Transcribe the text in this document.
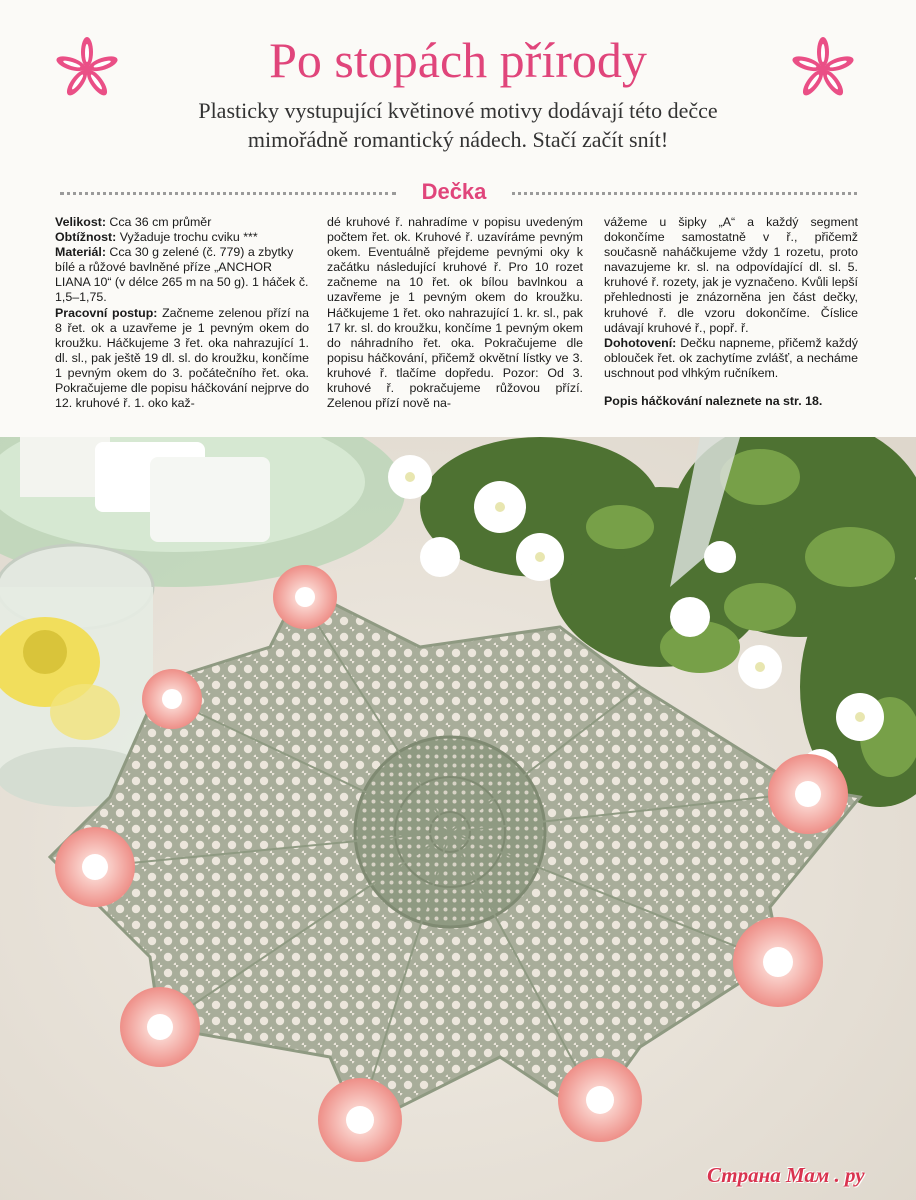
Po stopách přírody
Plasticky vystupující květinové motivy dodávají této dečce
mimořádně romantický nádech. Stačí začít snít!
Dečka

Velikost: Cca 36 cm průměr

Obtížnost: Vyžaduje trochu cviku ***

Materiál: Cca 30 g zelené (č. 779) a zbytky bílé a růžové bavlněné příze „ANCHOR LIANA 10“ (v délce 265 m na 50 g). 1 háček č. 1,5–1,75.

Pracovní postup: Začneme zelenou přízí na 8 řet. ok a uzavřeme je 1 pevným okem do kroužku. Háčkujeme 3 řet. oka nahrazující 1. dl. sl., pak ještě 19 dl. sl. do kroužku, končíme 1 pevným okem do 3. počátečního řet. oka. Pokračujeme dle popisu háčkování nejprve do 12. kruhové ř. 1. oko kaž-

dé kruhové ř. nahradíme v popisu uvedeným počtem řet. ok. Kruhové ř. uzavíráme pevným okem. Eventuálně přejdeme pevnými oky k začátku následující kruhové ř. Pro 10 rozet začneme na 10 řet. ok bílou bavlnkou a uzavřeme je 1 pevným okem do kroužku. Háčkujeme 1 řet. oko nahrazující 1. kr. sl., pak 17 kr. sl. do kroužku, končíme 1 pevným okem do náhradního řet. oka. Pokračujeme dle popisu háčkování, přičemž okvětní lístky ve 3. kruhové ř. tlačíme dopředu. Pozor: Od 3. kruhové ř. pokračujeme růžovou přízí. Zelenou přízí nově na-

vážeme u šipky „A“ a každý segment dokončíme samostatně v ř., přičemž současně naháčkujeme vždy 1 rozetu, proto navazujeme kr. sl. na odpovídající dl. sl. 5. kruhové ř. rozety, jak je vyznačeno. Kvůli lepší přehlednosti je znázorněna jen část dečky, kruhové ř. dle vzoru dokončíme. Číslice udávají kruhové ř., popř. ř.

Dohotovení: Dečku napneme, přičemž každý oblouček řet. ok zachytíme zvlášť, a necháme uschnout pod vlhkým ručníkem.

Popis háčkování naleznete na str. 18.

Страна Мам . ру
